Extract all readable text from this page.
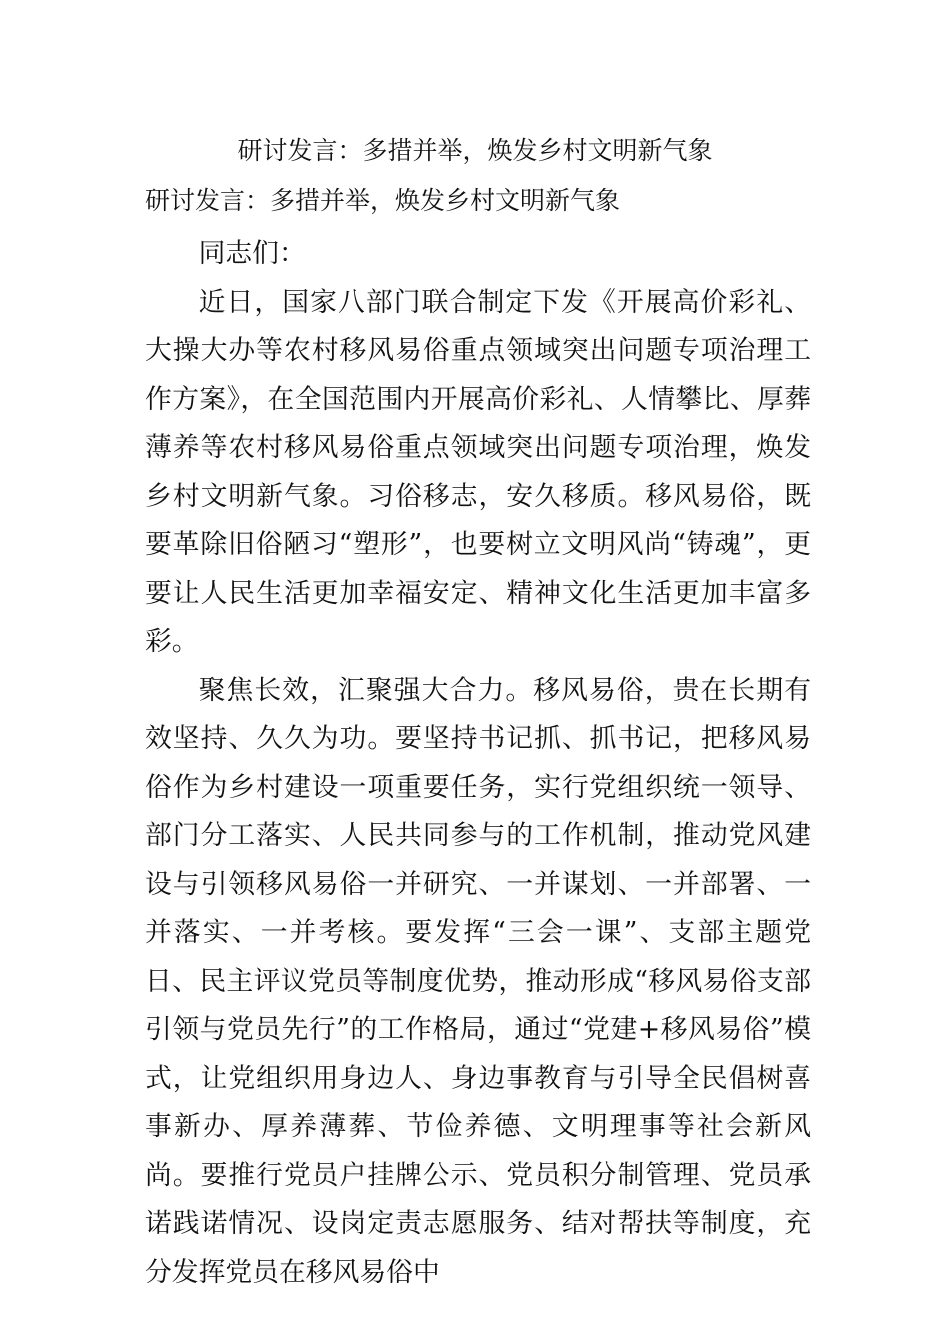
研讨发言：多措并举，焕发乡村文明新气象
研讨发言：多措并举，焕发乡村文明新气象

同志们：

近日，国家八部门联合制定下发《开展高价彩礼、大操大办等农村移风易俗重点领域突出问题专项治理工作方案》，在全国范围内开展高价彩礼、人情攀比、厚葬薄养等农村移风易俗重点领域突出问题专项治理，焕发乡村文明新气象。习俗移志，安久移质。移风易俗，既要革除旧俗陋习“塑形”，也要树立文明风尚“铸魂”，更要让人民生活更加幸福安定、精神文化生活更加丰富多彩。

聚焦长效，汇聚强大合力。移风易俗，贵在长期有效坚持、久久为功。要坚持书记抓、抓书记，把移风易俗作为乡村建设一项重要任务，实行党组织统一领导、部门分工落实、人民共同参与的工作机制，推动党风建设与引领移风易俗一并研究、一并谋划、一并部署、一并落实、一并考核。要发挥“三会一课”、支部主题党日、民主评议党员等制度优势，推动形成“移风易俗支部引领与党员先行”的工作格局，通过“党建+移风易俗”模式，让党组织用身边人、身边事教育与引导全民倡树喜事新办、厚养薄葬、节俭养德、文明理事等社会新风尚。要推行党员户挂牌公示、党员积分制管理、党员承诺践诺情况、设岗定责志愿服务、结对帮扶等制度，充分发挥党员在移风易俗中
